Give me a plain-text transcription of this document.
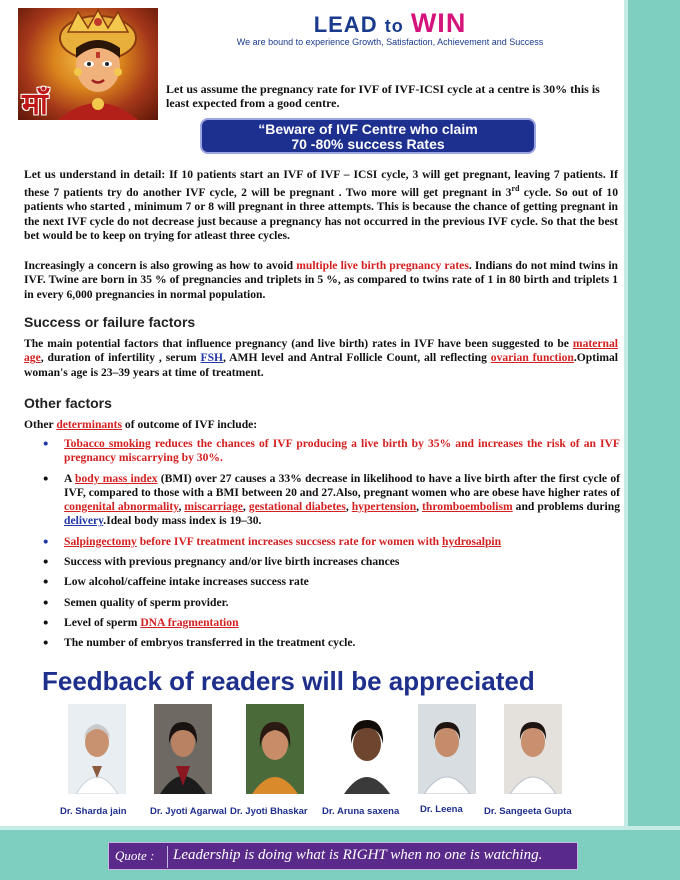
माँ
LEAD to WIN
We are bound to experience Growth, Satisfaction, Achievement and Success
Let us assume the pregnancy rate for IVF of IVF-ICSI cycle at a centre is 30% this is least expected from a good centre.
“Beware of IVF Centre who claim
70 -80% success Rates
Let us understand in detail: If 10 patients start an IVF of IVF – ICSI cycle, 3 will get pregnant, leaving 7 patients. If these 7 patients try do another IVF cycle, 2 will be pregnant . Two more will get pregnant in 3rd cycle. So out of 10 patients who started , minimum 7 or 8 will pregnant in three attempts. This is because the chance of getting pregnant in the next IVF cycle do not decrease just because a pregnancy has not occurred in the previous IVF cycle. So that the best bet would be to keep on trying for atleast three cycles.
Increasingly a concern is also growing as how to avoid multiple live birth pregnancy rates. Indians do not mind twins in IVF. Twine are born in 35 % of pregnancies and triplets in 5 %, as compared to twins rate of 1 in 80 birth and triplets 1 in every 6,000 pregnancies in normal population.
Success or failure factors
The main potential factors that influence pregnancy (and live birth) rates in IVF have been suggested to be maternal age, duration of infertility , serum FSH, AMH level and Antral Follicle Count, all reflecting ovarian function.Optimal woman's age is 23–39 years at time of treatment.
Other factors
Other determinants of outcome of IVF include:
• Tobacco smoking reduces the chances of IVF producing a live birth by 35% and increases the risk of an IVF pregnancy miscarrying by 30%.
• A body mass index (BMI) over 27 causes a 33% decrease in likelihood to have a live birth after the first cycle of IVF, compared to those with a BMI between 20 and 27.Also, pregnant women who are obese have higher rates of congenital abnormality, miscarriage, gestational diabetes, hypertension, thromboembolism and problems during delivery.Ideal body mass index is 19–30.
• Salpingectomy before IVF treatment increases succsess rate for women with hydrosalpin
• Success with previous pregnancy and/or live birth increases chances
• Low alcohol/caffeine intake increases success rate
• Semen quality of sperm provider.
• Level of sperm DNA fragmentation
• The number of embryos transferred in the treatment cycle.
Feedback of readers will be appreciated
Dr. Sharda jain Dr. Jyoti Agarwal Dr. Jyoti Bhaskar Dr. Aruna saxena Dr. Leena Dr. Sangeeta Gupta
Quote : Leadership is doing what is RIGHT when no one is watching.
